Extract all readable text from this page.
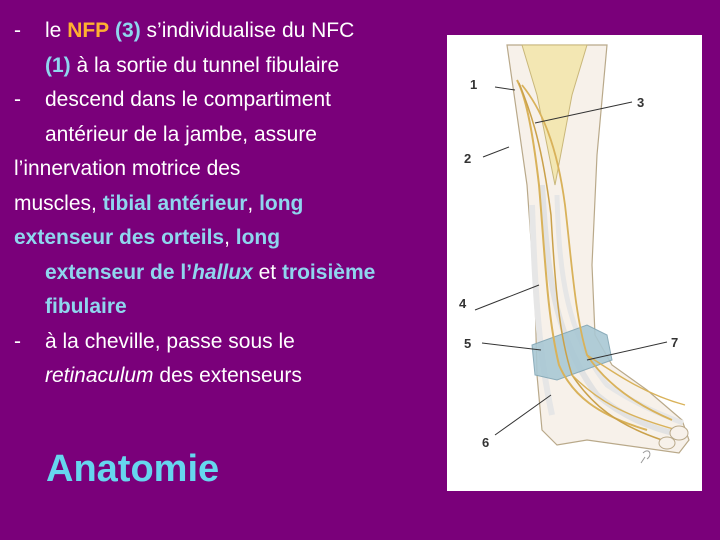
- le NFP (3) s’individualise du NFC
(1) à la sortie du tunnel fibulaire
- descend dans le compartiment
antérieur de la jambe, assure
l’innervation motrice des
muscles, tibial antérieur, long
extenseur des orteils, long
extenseur de l’hallux et troisième
fibulaire
- à la cheville, passe sous le
retinaculum des extenseurs
Anatomie
1
2
3
4
5
6
7
